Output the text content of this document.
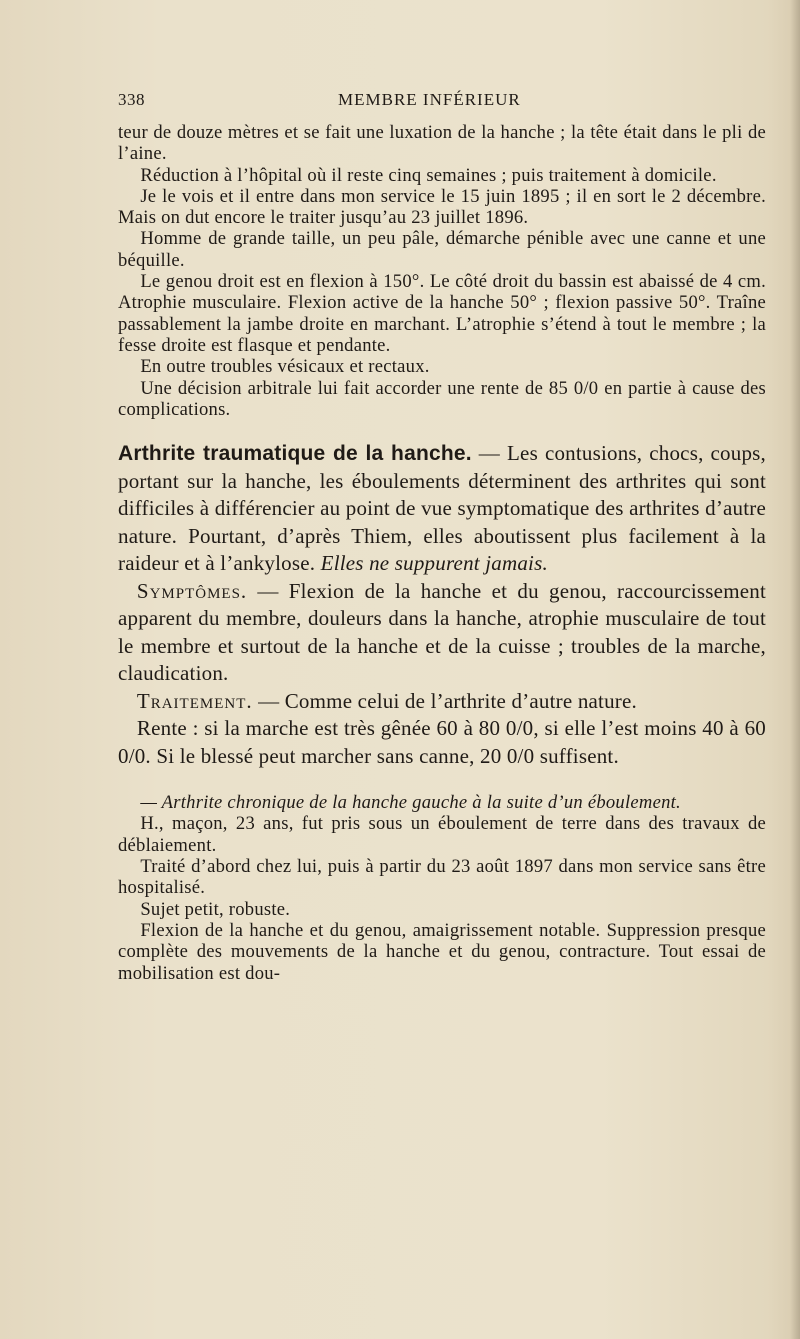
338	MEMBRE INFÉRIEUR

teur de douze mètres et se fait une luxation de la hanche ; la tête était dans le pli de l’aine.

Réduction à l’hôpital où il reste cinq semaines ; puis traitement à domicile.

Je le vois et il entre dans mon service le 15 juin 1895 ; il en sort le 2 décembre. Mais on dut encore le traiter jusqu’au 23 juillet 1896.

Homme de grande taille, un peu pâle, démarche pénible avec une canne et une béquille.

Le genou droit est en flexion à 150°. Le côté droit du bassin est abaissé de 4 cm. Atrophie musculaire. Flexion active de la hanche 50° ; flexion passive 50°. Traîne passablement la jambe droite en marchant. L’atrophie s’étend à tout le membre ; la fesse droite est flasque et pendante.

En outre troubles vésicaux et rectaux.

Une décision arbitrale lui fait accorder une rente de 85 0/0 en partie à cause des complications.

Arthrite traumatique de la hanche. — Les contusions, chocs, coups, portant sur la hanche, les éboulements déterminent des arthrites qui sont difficiles à différencier au point de vue symptomatique des arthrites d’autre nature. Pourtant, d’après Thiem, elles aboutissent plus facilement à la raideur et à l’ankylose. Elles ne suppurent jamais.

Symptômes. — Flexion de la hanche et du genou, raccourcissement apparent du membre, douleurs dans la hanche, atrophie musculaire de tout le membre et surtout de la hanche et de la cuisse ; troubles de la marche, claudication.

Traitement. — Comme celui de l’arthrite d’autre nature.

Rente : si la marche est très gênée 60 à 80 0/0, si elle l’est moins 40 à 60 0/0. Si le blessé peut marcher sans canne, 20 0/0 suffisent.

— Arthrite chronique de la hanche gauche à la suite d’un éboulement.

H., maçon, 23 ans, fut pris sous un éboulement de terre dans des travaux de déblaiement.

Traité d’abord chez lui, puis à partir du 23 août 1897 dans mon service sans être hospitalisé.

Sujet petit, robuste.

Flexion de la hanche et du genou, amaigrissement notable. Suppression presque complète des mouvements de la hanche et du genou, contracture. Tout essai de mobilisation est dou-
